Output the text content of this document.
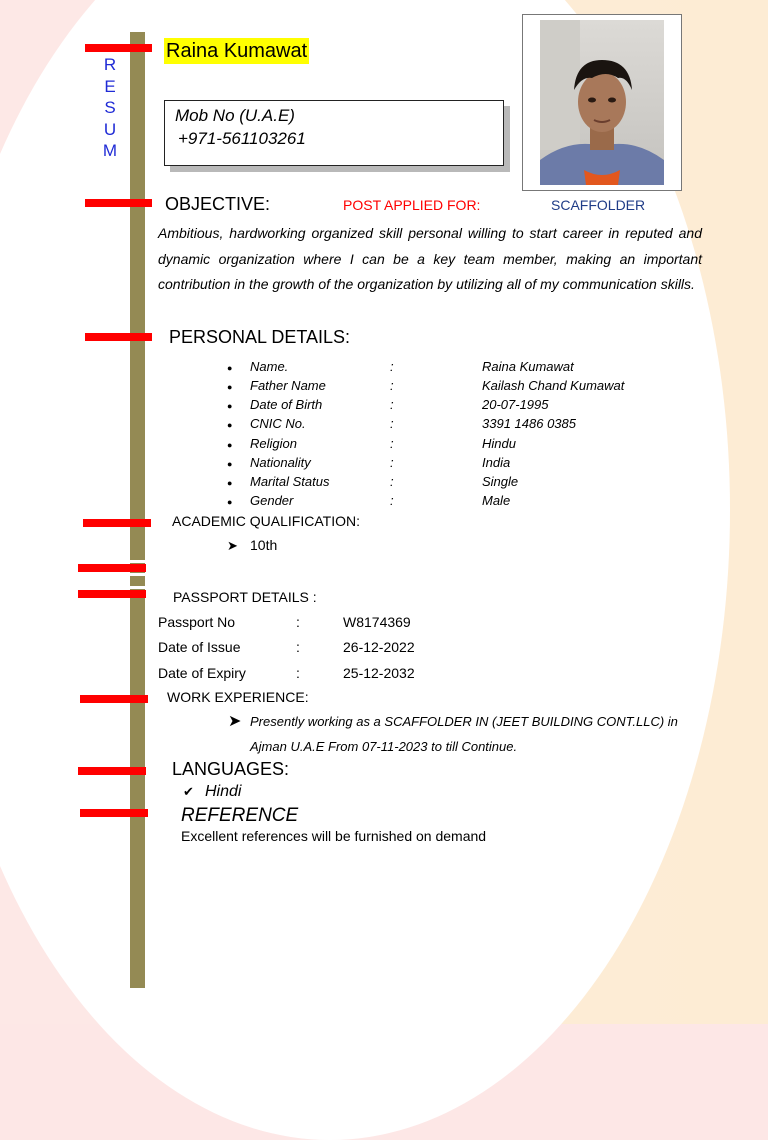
R
E
S
U
M
Raina Kumawat
Mob No (U.A.E)
+971-561103261
OBJECTIVE:	POST APPLIED FOR:	SCAFFOLDER
Ambitious, hardworking organized skill personal willing to start career in reputed and dynamic organization where I can be a key team member, making an important contribution in the growth of the organization by utilizing all of my communication skills.
PERSONAL DETAILS:
● Name.	:	Raina Kumawat
● Father Name	:	Kailash Chand Kumawat
● Date of Birth	:	20-07-1995
● CNIC No.	:	3391 1486 0385
● Religion	:	Hindu
● Nationality	:	India
● Marital Status	:	Single
● Gender	:	Male
ACADEMIC QUALIFICATION:
➤ 10th
PASSPORT DETAILS :
Passport No	:	W8174369
Date of Issue	:	26-12-2022
Date of Expiry	:	25-12-2032
WORK EXPERIENCE:
➤ Presently working as a SCAFFOLDER IN (JEET BUILDING CONT.LLC) in
Ajman U.A.E From 07-11-2023 to till Continue.
LANGUAGES:
✔ Hindi
REFERENCE
Excellent references will be furnished on demand
